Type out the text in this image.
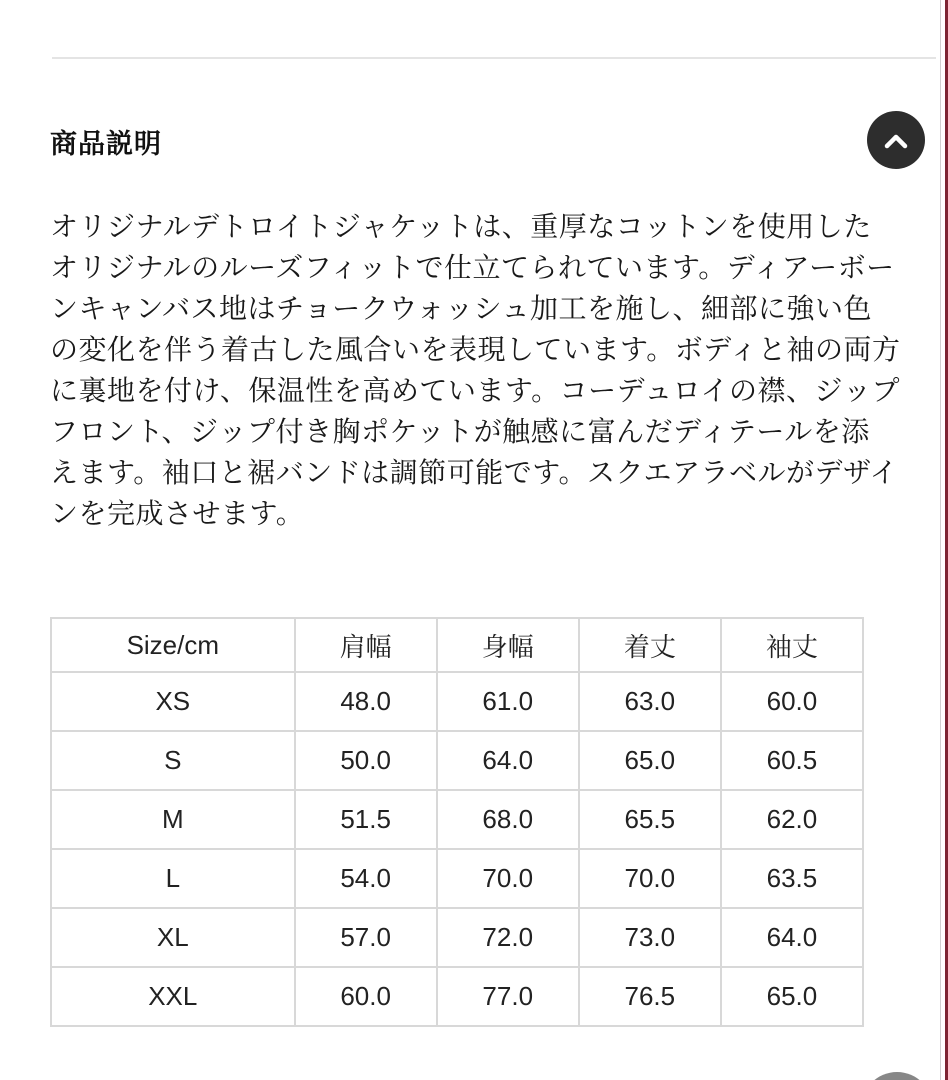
商品説明
オリジナルデトロイトジャケットは、重厚なコットンを使用した
オリジナルのルーズフィットで仕立てられています。ディアーボー
ンキャンバス地はチョークウォッシュ加工を施し、細部に強い色
の変化を伴う着古した風合いを表現しています。ボディと袖の両方
に裏地を付け、保温性を高めています。コーデュロイの襟、ジップ
フロント、ジップ付き胸ポケットが触感に富んだディテールを添
えます。袖口と裾バンドは調節可能です。スクエアラベルがデザイ
ンを完成させます。
Size/cm	肩幅	身幅	着丈	袖丈
XS	48.0	61.0	63.0	60.0
S	50.0	64.0	65.0	60.5
M	51.5	68.0	65.5	62.0
L	54.0	70.0	70.0	63.5
XL	57.0	72.0	73.0	64.0
XXL	60.0	77.0	76.5	65.0
